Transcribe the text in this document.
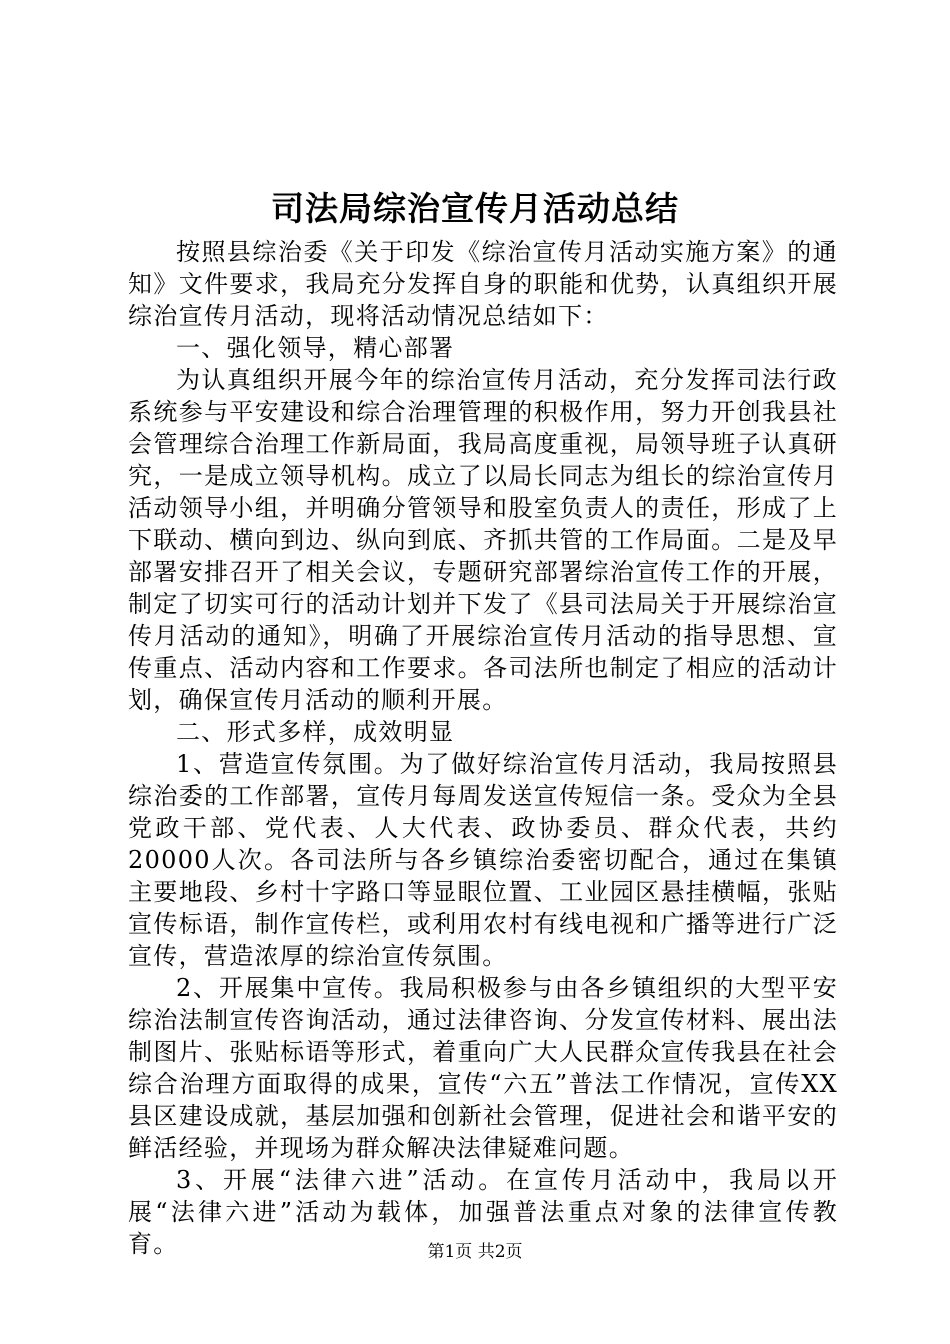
司法局综治宣传月活动总结

按照县综治委《关于印发《综治宣传月活动实施方案》的通知》文件要求，我局充分发挥自身的职能和优势，认真组织开展综治宣传月活动，现将活动情况总结如下：

一、强化领导，精心部署

为认真组织开展今年的综治宣传月活动，充分发挥司法行政系统参与平安建设和综合治理管理的积极作用，努力开创我县社会管理综合治理工作新局面，我局高度重视，局领导班子认真研究，一是成立领导机构。成立了以局长同志为组长的综治宣传月活动领导小组，并明确分管领导和股室负责人的责任，形成了上下联动、横向到边、纵向到底、齐抓共管的工作局面。二是及早部署安排召开了相关会议，专题研究部署综治宣传工作的开展，制定了切实可行的活动计划并下发了《县司法局关于开展综治宣传月活动的通知》，明确了开展综治宣传月活动的指导思想、宣传重点、活动内容和工作要求。各司法所也制定了相应的活动计划，确保宣传月活动的顺利开展。

二、形式多样，成效明显

1、营造宣传氛围。为了做好综治宣传月活动，我局按照县综治委的工作部署，宣传月每周发送宣传短信一条。受众为全县党政干部、党代表、人大代表、政协委员、群众代表，共约20000人次。各司法所与各乡镇综治委密切配合，通过在集镇主要地段、乡村十字路口等显眼位置、工业园区悬挂横幅，张贴宣传标语，制作宣传栏，或利用农村有线电视和广播等进行广泛宣传，营造浓厚的综治宣传氛围。

2、开展集中宣传。我局积极参与由各乡镇组织的大型平安综治法制宣传咨询活动，通过法律咨询、分发宣传材料、展出法制图片、张贴标语等形式，着重向广大人民群众宣传我县在社会综合治理方面取得的成果，宣传“六五”普法工作情况，宣传XX县区建设成就，基层加强和创新社会管理，促进社会和谐平安的鲜活经验，并现场为群众解决法律疑难问题。

3、开展“法律六进”活动。在宣传月活动中，我局以开展“法律六进”活动为载体，加强普法重点对象的法律宣传教育。	第1页 共2页
